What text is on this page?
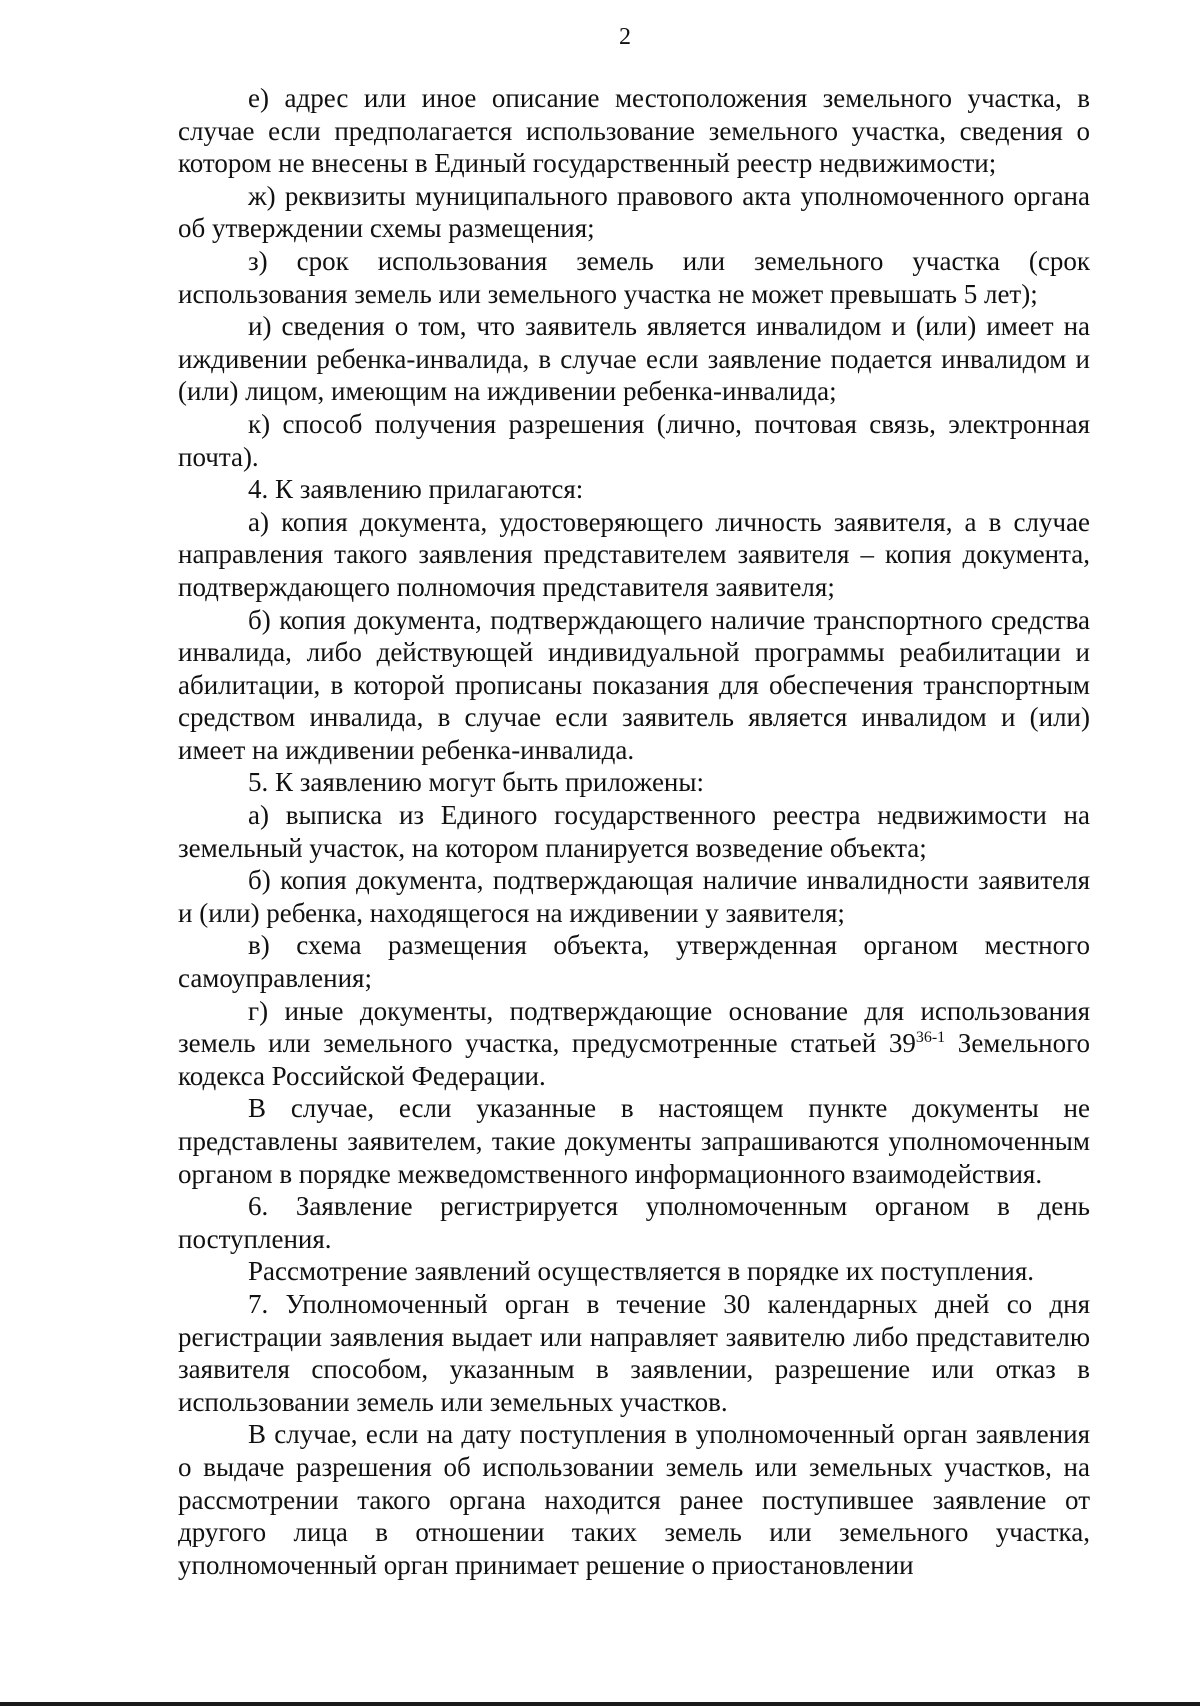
2

е) адрес или иное описание местоположения земельного участка, в случае если предполагается использование земельного участка, сведения о котором не внесены в Единый государственный реестр недвижимости;

ж) реквизиты муниципального правового акта уполномоченного органа об утверждении схемы размещения;

з) срок использования земель или земельного участка (срок использования земель или земельного участка не может превышать 5 лет);

и) сведения о том, что заявитель является инвалидом и (или) имеет на иждивении ребенка-инвалида, в случае если заявление подается инвалидом и (или) лицом, имеющим на иждивении ребенка-инвалида;

к) способ получения разрешения (лично, почтовая связь, электронная почта).

4. К заявлению прилагаются:

а) копия документа, удостоверяющего личность заявителя, а в случае направления такого заявления представителем заявителя – копия документа, подтверждающего полномочия представителя заявителя;

б) копия документа, подтверждающего наличие транспортного средства инвалида, либо действующей индивидуальной программы реабилитации и абилитации, в которой прописаны показания для обеспечения транспортным средством инвалида, в случае если заявитель является инвалидом и (или) имеет на иждивении ребенка-инвалида.

5. К заявлению могут быть приложены:

а) выписка из Единого государственного реестра недвижимости на земельный участок, на котором планируется возведение объекта;

б) копия документа, подтверждающая наличие инвалидности заявителя и (или) ребенка, находящегося на иждивении у заявителя;

в) схема размещения объекта, утвержденная органом местного самоуправления;

г) иные документы, подтверждающие основание для использования земель или земельного участка, предусмотренные статьей 39$^{36-1}$ Земельного кодекса Российской Федерации.

В случае, если указанные в настоящем пункте документы не представлены заявителем, такие документы запрашиваются уполномоченным органом в порядке межведомственного информационного взаимодействия.

6. Заявление регистрируется уполномоченным органом в день поступления.

Рассмотрение заявлений осуществляется в порядке их поступления.

7. Уполномоченный орган в течение 30 календарных дней со дня регистрации заявления выдает или направляет заявителю либо представителю заявителя способом, указанным в заявлении, разрешение или отказ в использовании земель или земельных участков.

В случае, если на дату поступления в уполномоченный орган заявления о выдаче разрешения об использовании земель или земельных участков, на рассмотрении такого органа находится ранее поступившее заявление от другого лица в отношении таких земель или земельного участка, уполномоченный орган принимает решение о приостановлении
